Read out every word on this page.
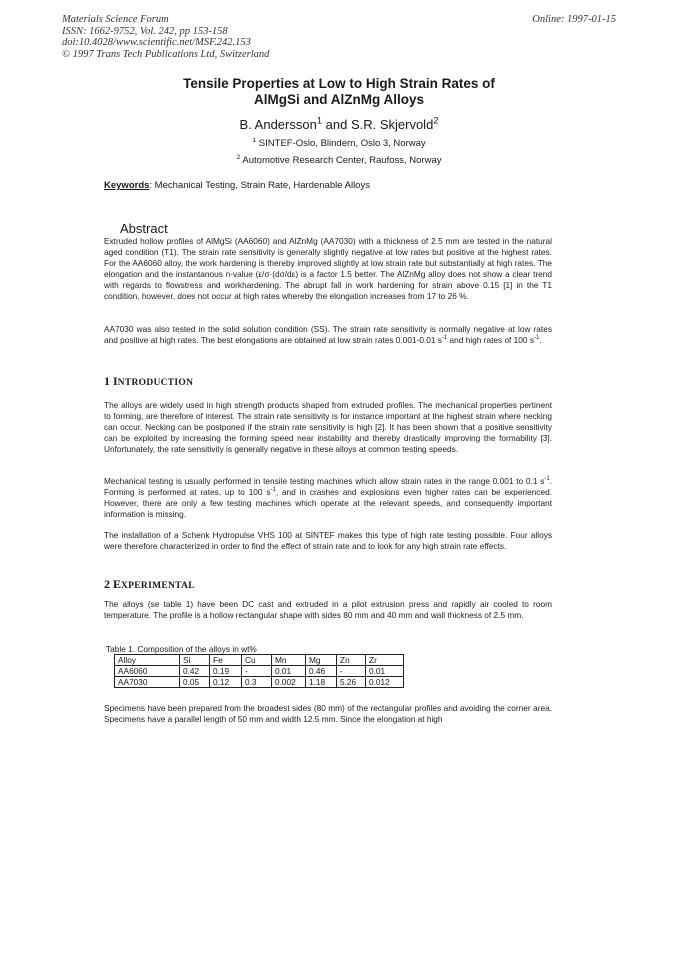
Materials Science Forum
ISSN: 1662-9752, Vol. 242, pp 153-158
doi:10.4028/www.scientific.net/MSF.242.153
© 1997 Trans Tech Publications Ltd, Switzerland
Online: 1997-01-15
Tensile Properties at Low to High Strain Rates of
AlMgSi and AlZnMg Alloys
B. Andersson$^1$ and S.R. Skjervold$^2$
$^1$ SINTEF-Oslo, Blindern, Oslo 3, Norway
$^2$ Automotive Research Center, Raufoss, Norway
Keywords: Mechanical Testing, Strain Rate, Hardenable Alloys
Abstract
Extruded hollow profiles of AlMgSi (AA6060) and AlZnMg (AA7030) with a thickness of 2.5 mm are tested in the natural aged condition (T1). The strain rate sensitivity is generally slightly negative at low rates but positive at the highest rates. For the AA6060 alloy, the work hardening is thereby improved slightly at low strain rate but substantially at high rates. The elongation and the instantanous n-value (ε/σ·(dσ/dε) is a factor 1.5 better. The AlZnMg alloy does not show a clear trend with regards to flowstress and workhardening. The abrupt fall in work hardening for strain above 0.15 [1] in the T1 condition, however, does not occur at high rates whereby the elongation increases from 17 to 26 %.
AA7030 was also tested in the solid solution condition (SS). The strain rate sensitivity is normally negative at low rates and positive at high rates. The best elongations are obtained at low strain rates 0.001-0.01 $s^{-1}$ and high rates of 100 $s^{-1}$.
1 INTRODUCTION
The alloys are widely used in high strength products shaped from extruded profiles. The mechanical properties pertinent to forming, are therefore of interest. The strain rate sensitivity is for instance important at the highest strain where necking can occur. Necking can be postponed if the strain rate sensitivity is high [2]. It has been shown that a positive sensitivity can be exploited by increasing the forming speed near instability and thereby drastically improving the formability [3]. Unfortunately, the rate sensitivity is generally negative in these alloys at common testing speeds.
Mechanical testing is usually performed in tensile testing machines which allow strain rates in the range 0.001 to 0.1 $s^{-1}$. Forming is performed at rates, up to 100 $s^{-1}$, and in crashes and explosions even higher rates can be experienced. However, there are only a few testing machines which operate at the relevant speeds, and consequently important information is missing.
The installation of a Schenk Hydropulse VHS 100 at SINTEF makes this type of high rate testing possible. Four alloys were therefore characterized in order to find the effect of strain rate and to look for any high strain rate effects.
2 EXPERIMENTAL
The alloys (se table 1) have been DC cast and extruded in a pilot extrusion press and rapidly air cooled to room temperature. The profile is a hollow rectangular shape with sides 80 mm and 40 mm and wall thickness of 2.5 mm.
Table 1. Composition of the alloys in wt%
Alloy	Si	Fe	Cu	Mn	Mg	Zn	Zr
AA6060	0.42	0.19	-	0.01	0.46	-	0.01
AA7030	0.05	0.12	0.3	0.002	1.18	5.26	0.012
Specimens have been prepared from the broadest sides (80 mm) of the rectangular profiles and avoiding the corner area. Specimens have a parallel length of 50 mm and width 12.5 mm. Since the elongation at high
